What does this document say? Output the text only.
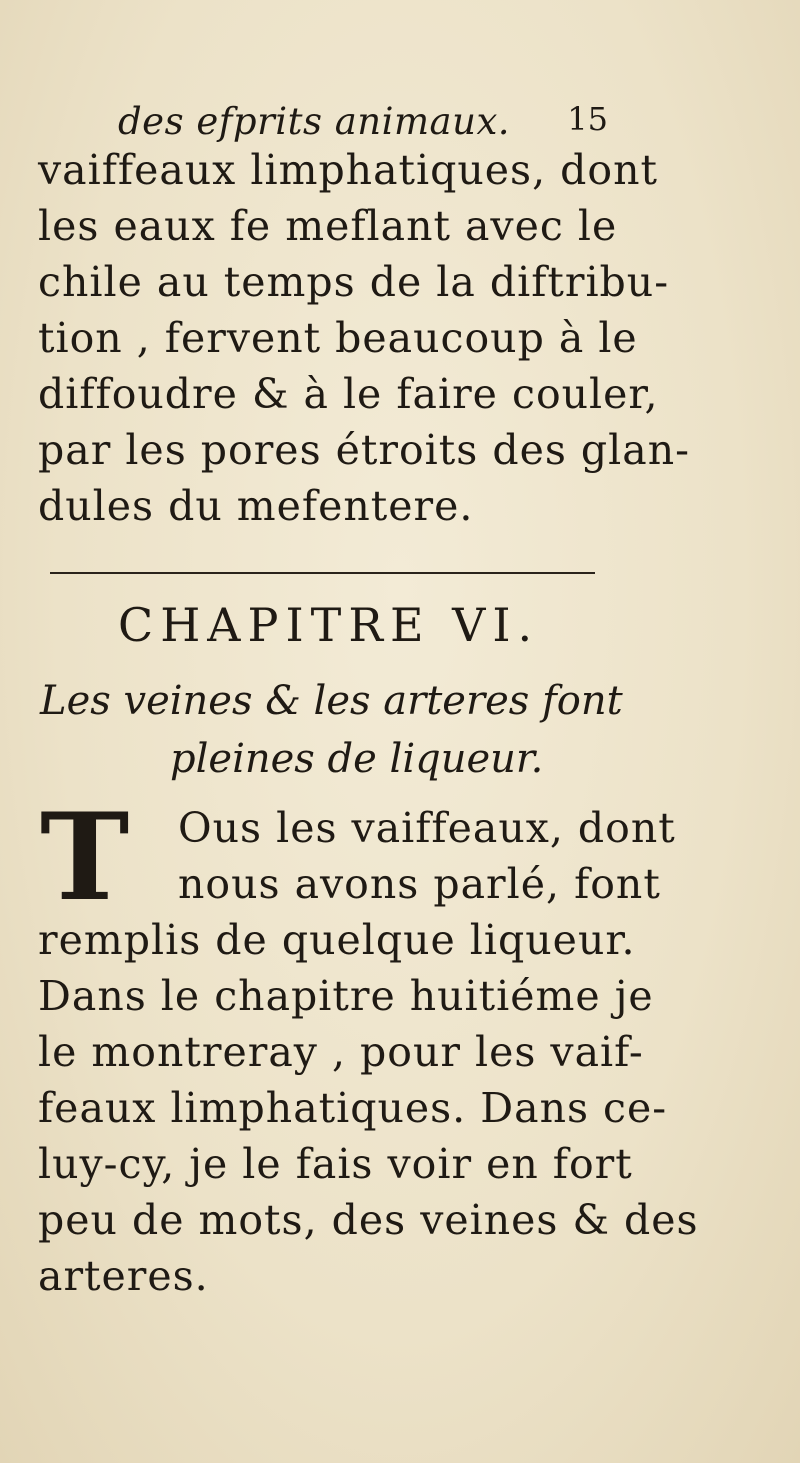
des efprits animaux. 15
vaiffeaux limphatiques, dont
les eaux fe meflant avec le
chile au temps de la diftribu-
tion , fervent beaucoup à le
diffoudre & à le faire couler,
par les pores étroits des glan-
dules du mefentere.
CHAPITRE VI.
Les veines & les arteres font
pleines de liqueur.
T	Ous les vaiffeaux, dont
nous avons parlé, font
remplis de quelque liqueur.
Dans le chapitre huitiéme je
le montreray , pour les vaif-
feaux limphatiques. Dans ce-
luy-cy, je le fais voir en fort
peu de mots, des veines & des
arteres.
